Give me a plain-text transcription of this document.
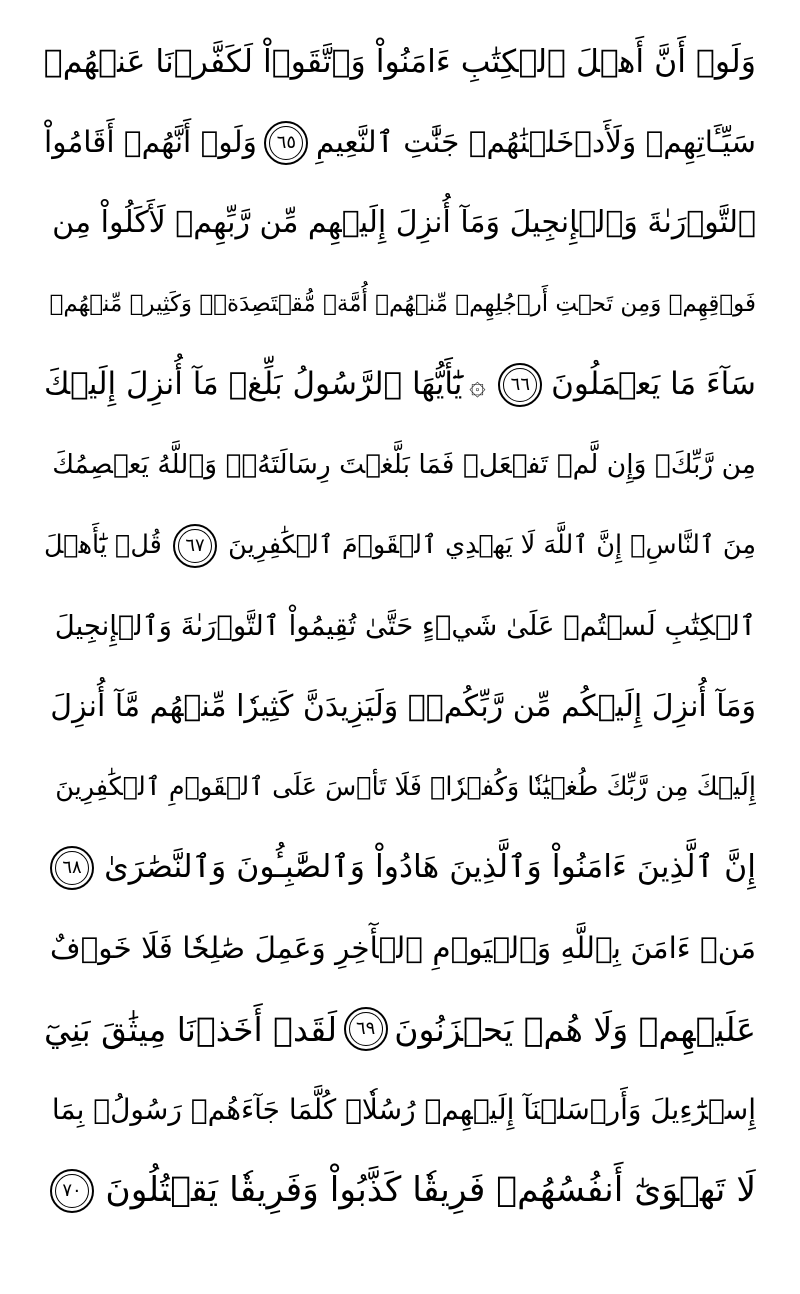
وَلَوۡ أَنَّ أَهۡلَ ٱلۡكِتَٰبِ ءَامَنُواْ وَٱتَّقَوۡاْ لَكَفَّرۡنَا عَنۡهُمۡ
سَيِّـَٔاتِهِمۡ وَلَأَدۡخَلۡنَٰهُمۡ جَنَّٰتِ ٱلنَّعِيمِ
٦٥
وَلَوۡ أَنَّهُمۡ أَقَامُواْ
ٱلتَّوۡرَىٰةَ وَٱلۡإِنجِيلَ وَمَآ أُنزِلَ إِلَيۡهِم مِّن رَّبِّهِمۡ لَأَكَلُواْ مِن
فَوۡقِهِمۡ وَمِن تَحۡتِ أَرۡجُلِهِمۚ مِّنۡهُمۡ أُمَّةٞ مُّقۡتَصِدَةٞۖ وَكَثِيرٞ مِّنۡهُمۡ
سَآءَ مَا يَعۡمَلُونَ
٦٦
۞
يَٰٓأَيُّهَا ٱلرَّسُولُ بَلِّغۡ مَآ أُنزِلَ إِلَيۡكَ
مِن رَّبِّكَۖ وَإِن لَّمۡ تَفۡعَلۡ فَمَا بَلَّغۡتَ رِسَالَتَهُۥۚ وَٱللَّهُ يَعۡصِمُكَ
مِنَ ٱلنَّاسِۗ إِنَّ ٱللَّهَ لَا يَهۡدِي ٱلۡقَوۡمَ ٱلۡكَٰفِرِينَ
٦٧
قُلۡ يَٰٓأَهۡلَ
ٱلۡكِتَٰبِ لَسۡتُمۡ عَلَىٰ شَيۡءٍ حَتَّىٰ تُقِيمُواْ ٱلتَّوۡرَىٰةَ وَٱلۡإِنجِيلَ
وَمَآ أُنزِلَ إِلَيۡكُم مِّن رَّبِّكُمۡۗ وَلَيَزِيدَنَّ كَثِيرٗا مِّنۡهُم مَّآ أُنزِلَ
إِلَيۡكَ مِن رَّبِّكَ طُغۡيَٰنٗا وَكُفۡرٗاۖ فَلَا تَأۡسَ عَلَى ٱلۡقَوۡمِ ٱلۡكَٰفِرِينَ
إِنَّ ٱلَّذِينَ ءَامَنُواْ وَٱلَّذِينَ هَادُواْ وَٱلصَّٰبِـُٔونَ وَٱلنَّصَٰرَىٰ
٦٨
مَنۡ ءَامَنَ بِٱللَّهِ وَٱلۡيَوۡمِ ٱلۡأٓخِرِ وَعَمِلَ صَٰلِحٗا فَلَا خَوۡفٌ
عَلَيۡهِمۡ وَلَا هُمۡ يَحۡزَنُونَ
٦٩
لَقَدۡ أَخَذۡنَا مِيثَٰقَ بَنِيٓ
إِسۡرَٰٓءِيلَ وَأَرۡسَلۡنَآ إِلَيۡهِمۡ رُسُلٗاۖ كُلَّمَا جَآءَهُمۡ رَسُولُۢ بِمَا
لَا تَهۡوَىٰٓ أَنفُسُهُمۡ فَرِيقٗا كَذَّبُواْ وَفَرِيقٗا يَقۡتُلُونَ
٧٠
